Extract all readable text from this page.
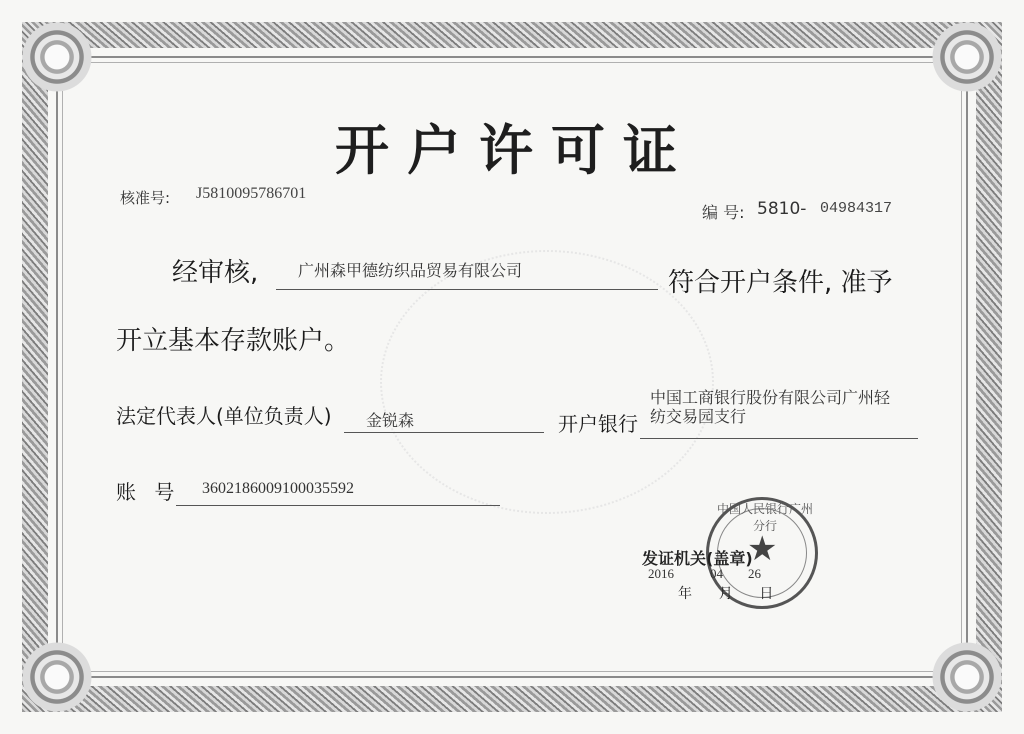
开户许可证
核准号: J5810095786701
编 号: 5810- 04984317
经审核, 广州森甲德纺织品贸易有限公司	符合开户条件, 准予
开立基本存款账户。
法定代表人(单位负责人) 金锐森	开户银行
中国工商银行股份有限公司广州轻
纺交易园支行
账 号 3602186009100035592
中国人民银行广州分行
★
发证机关(盖章)
2016	04 26
年      月      日
